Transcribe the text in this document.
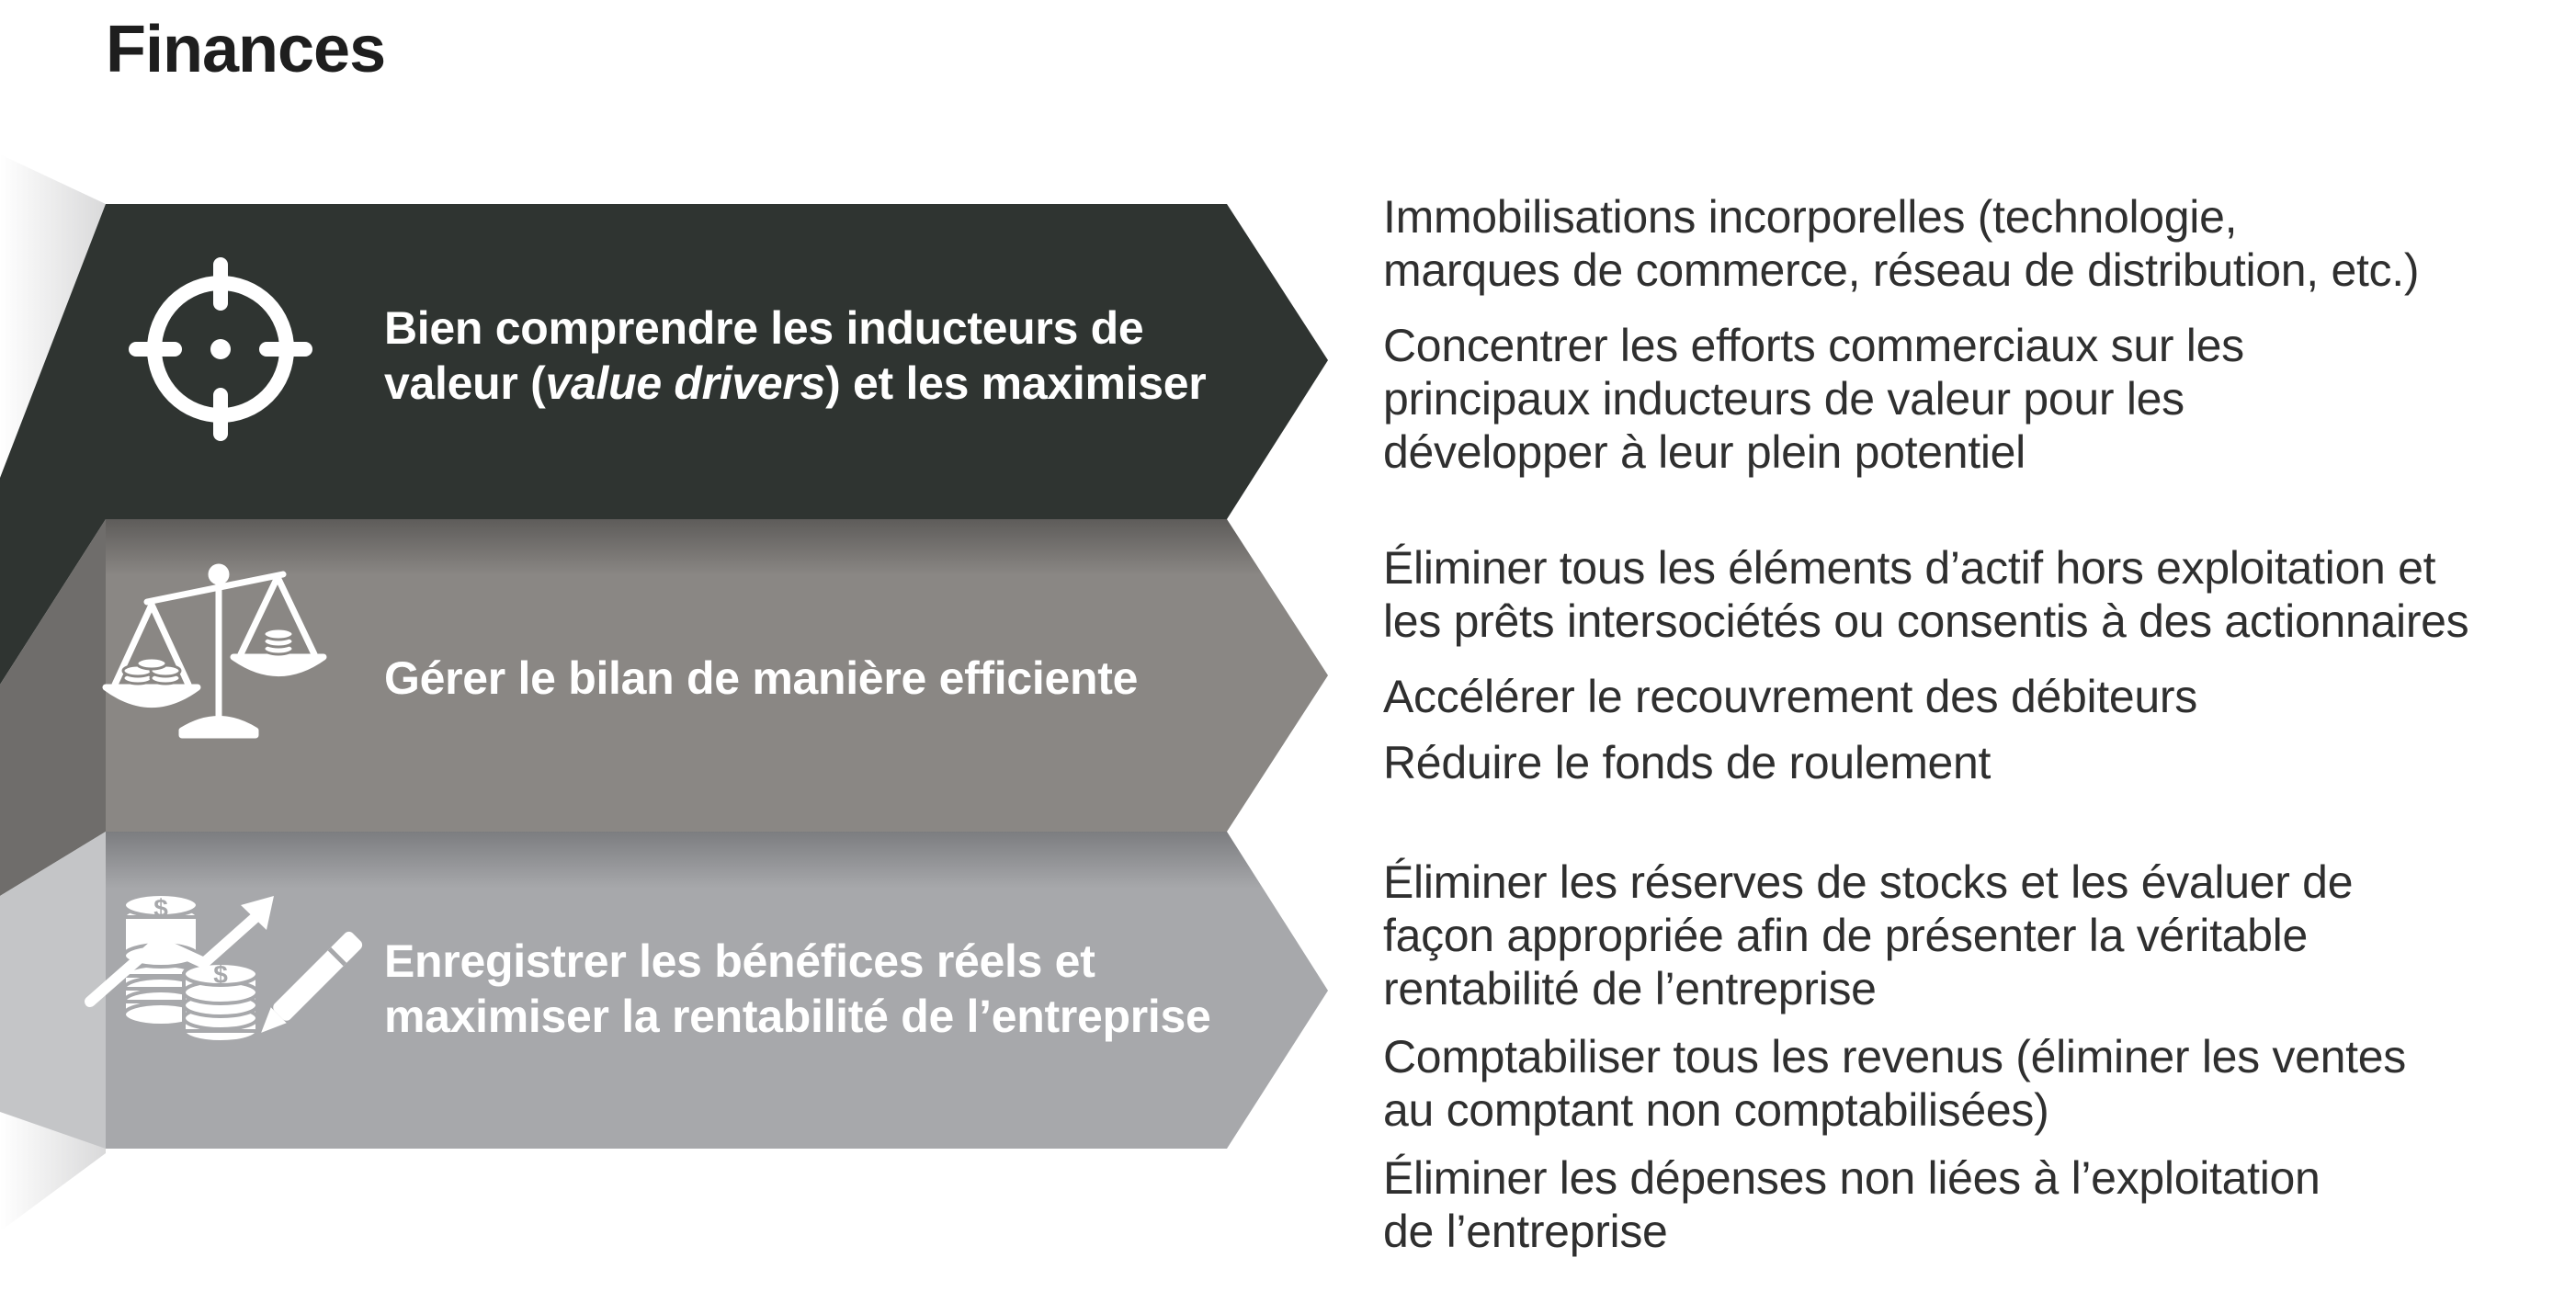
Finances
$
$
Bien comprendre les inducteurs de
valeur (value drivers) et les maximiser
Gérer le bilan de manière efficiente
Enregistrer les bénéfices réels et
maximiser la rentabilité de l’entreprise
Immobilisations incorporelles (technologie,
marques de commerce, réseau de distribution, etc.)
Concentrer les efforts commerciaux sur les
principaux inducteurs de valeur pour les
développer à leur plein potentiel
Éliminer tous les éléments d’actif hors exploitation et
les prêts intersociétés ou consentis à des actionnaires
Accélérer le recouvrement des débiteurs
Réduire le fonds de roulement
Éliminer les réserves de stocks et les évaluer de
façon appropriée afin de présenter la véritable
rentabilité de l’entreprise
Comptabiliser tous les revenus (éliminer les ventes
au comptant non comptabilisées)
Éliminer les dépenses non liées à l’exploitation
de l’entreprise
